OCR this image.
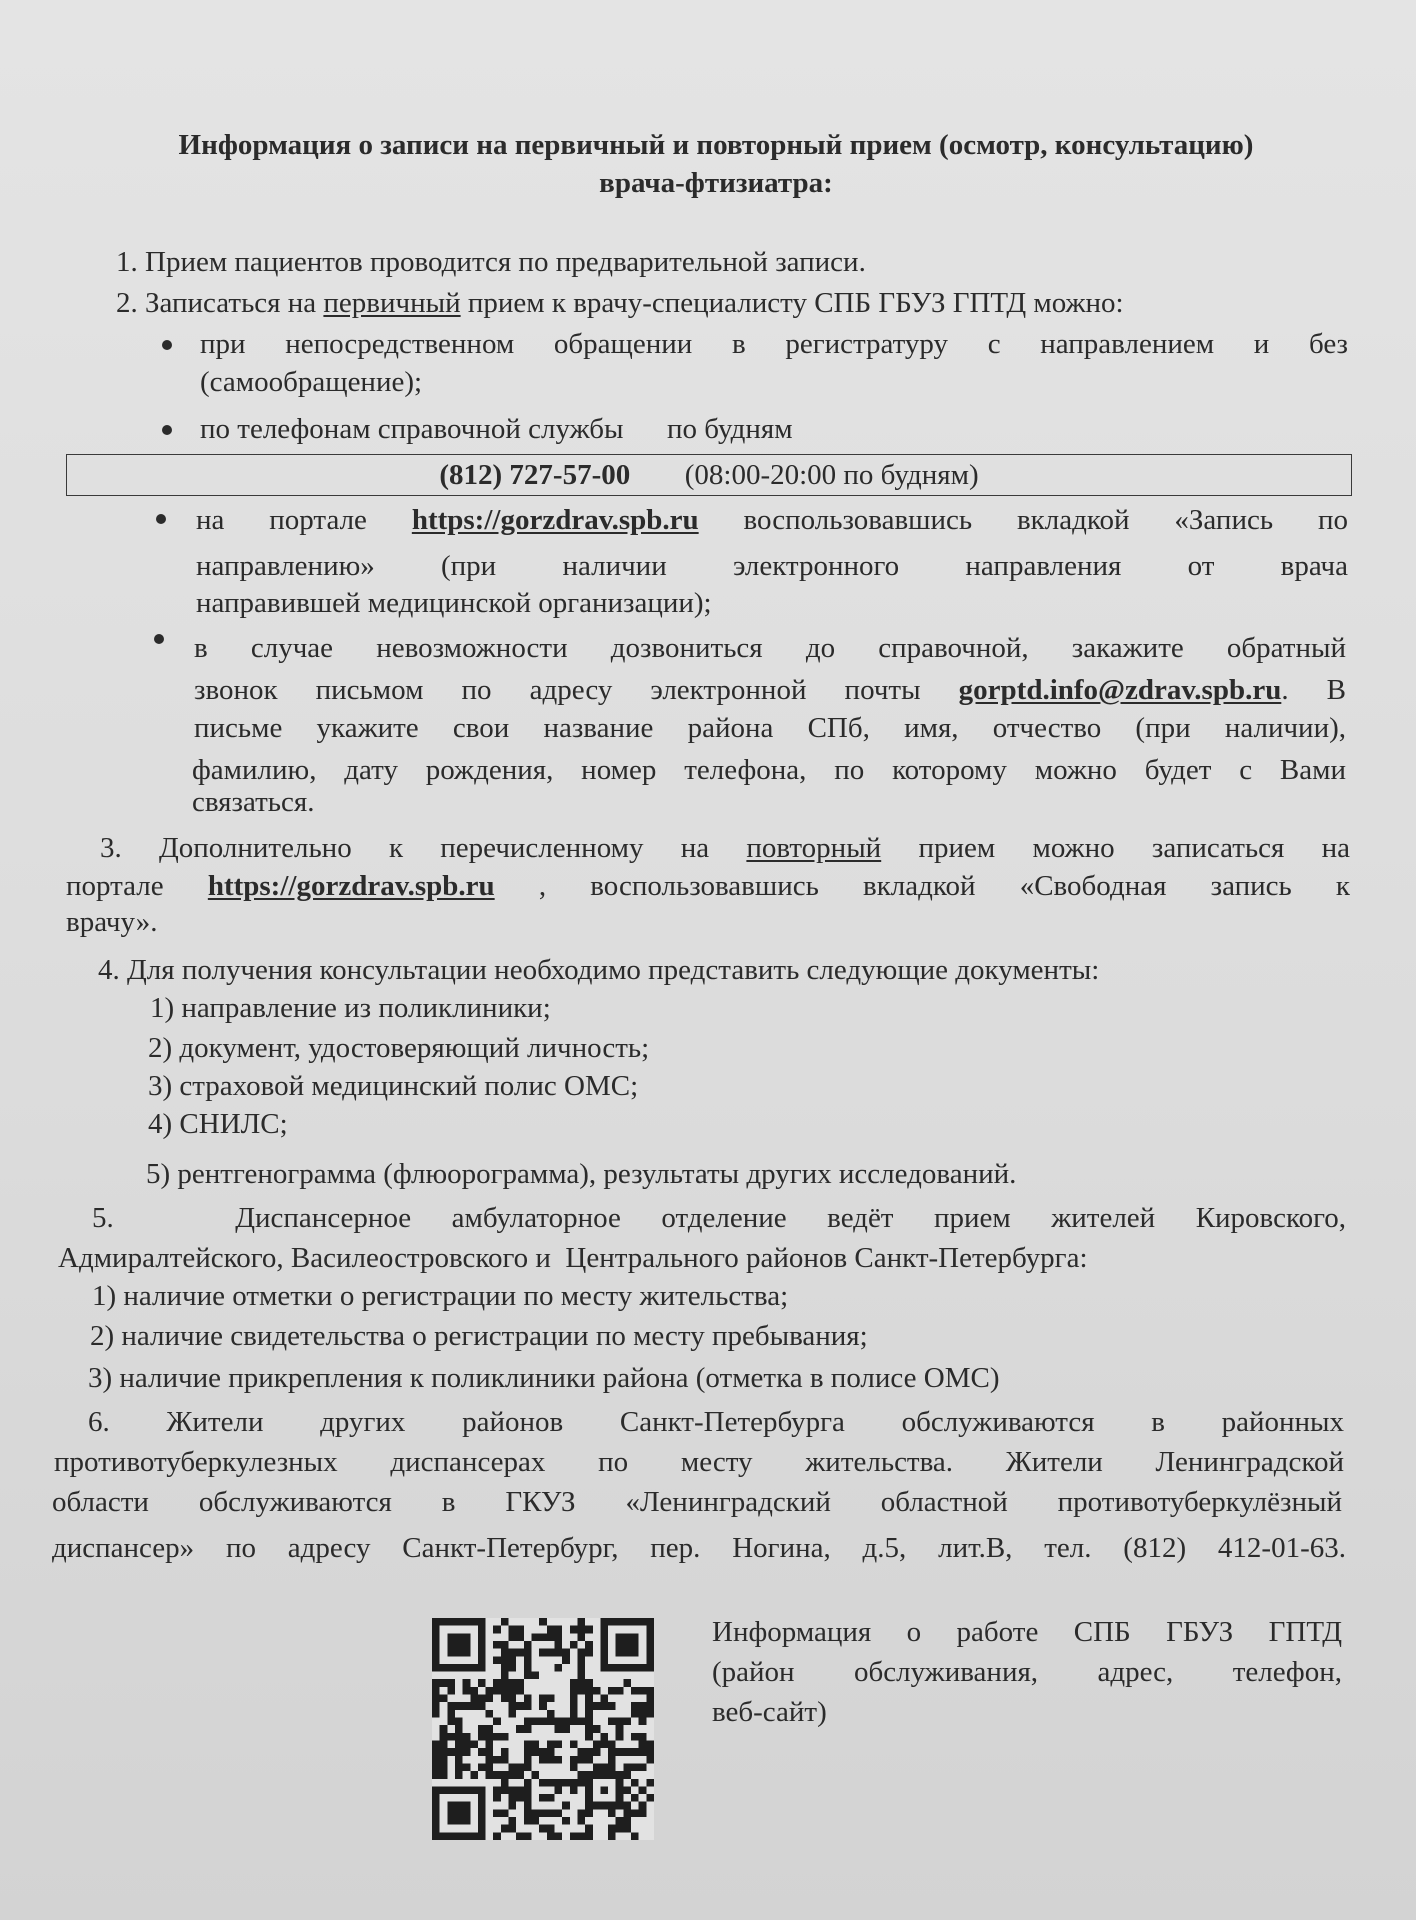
Информация о записи на первичный и повторный прием (осмотр, консультацию)
врача-фтизиатра:
1. Прием пациентов проводится по предварительной записи.
2. Записаться на первичный прием к врачу-специалисту СПБ ГБУЗ ГПТД можно:
при непосредственном обращении в регистратуру с направлением и без
(самообращение);
по телефонам справочной службы      по будням
(812) 727-57-00 (08:00-20:00 по будням)
на портале https://gorzdrav.spb.ru воспользовавшись вкладкой «Запись по
направлению» (при наличии электронного направления от врача
направившей медицинской организации);
в случае невозможности дозвониться до справочной, закажите обратный
звонок письмом по адресу электронной почты gorptd.info@zdrav.spb.ru. В
письме укажите свои название района СПб, имя, отчество (при наличии),
фамилию, дату рождения, номер телефона, по которому можно будет с Вами
связаться.
3. Дополнительно к перечисленному на повторный прием можно записаться на
портале https://gorzdrav.spb.ru , воспользовавшись вкладкой «Свободная запись к
врачу».
4. Для получения консультации необходимо представить следующие документы:
1) направление из поликлиники;
2) документ, удостоверяющий личность;
3) страховой медицинский полис ОМС;
4) СНИЛС;
5) рентгенограмма (флюорограмма), результаты других исследований.
5.   Диспансерное амбулаторное отделение ведёт прием жителей Кировского,
Адмиралтейского, Василеостровского и  Центрального районов Санкт-Петербурга:
1) наличие отметки о регистрации по месту жительства;
2) наличие свидетельства о регистрации по месту пребывания;
3) наличие прикрепления к поликлиники района (отметка в полисе ОМС)
6. Жители других районов Санкт-Петербурга обслуживаются в районных
противотуберкулезных диспансерах по месту жительства. Жители Ленинградской
области обслуживаются в ГКУЗ «Ленинградский областной противотуберкулёзный
диспансер» по адресу Санкт-Петербург, пер. Ногина, д.5, лит.В, тел. (812) 412-01-63.
Информация о работе СПБ ГБУЗ ГПТД
(район обслуживания, адрес, телефон,
веб-сайт)
